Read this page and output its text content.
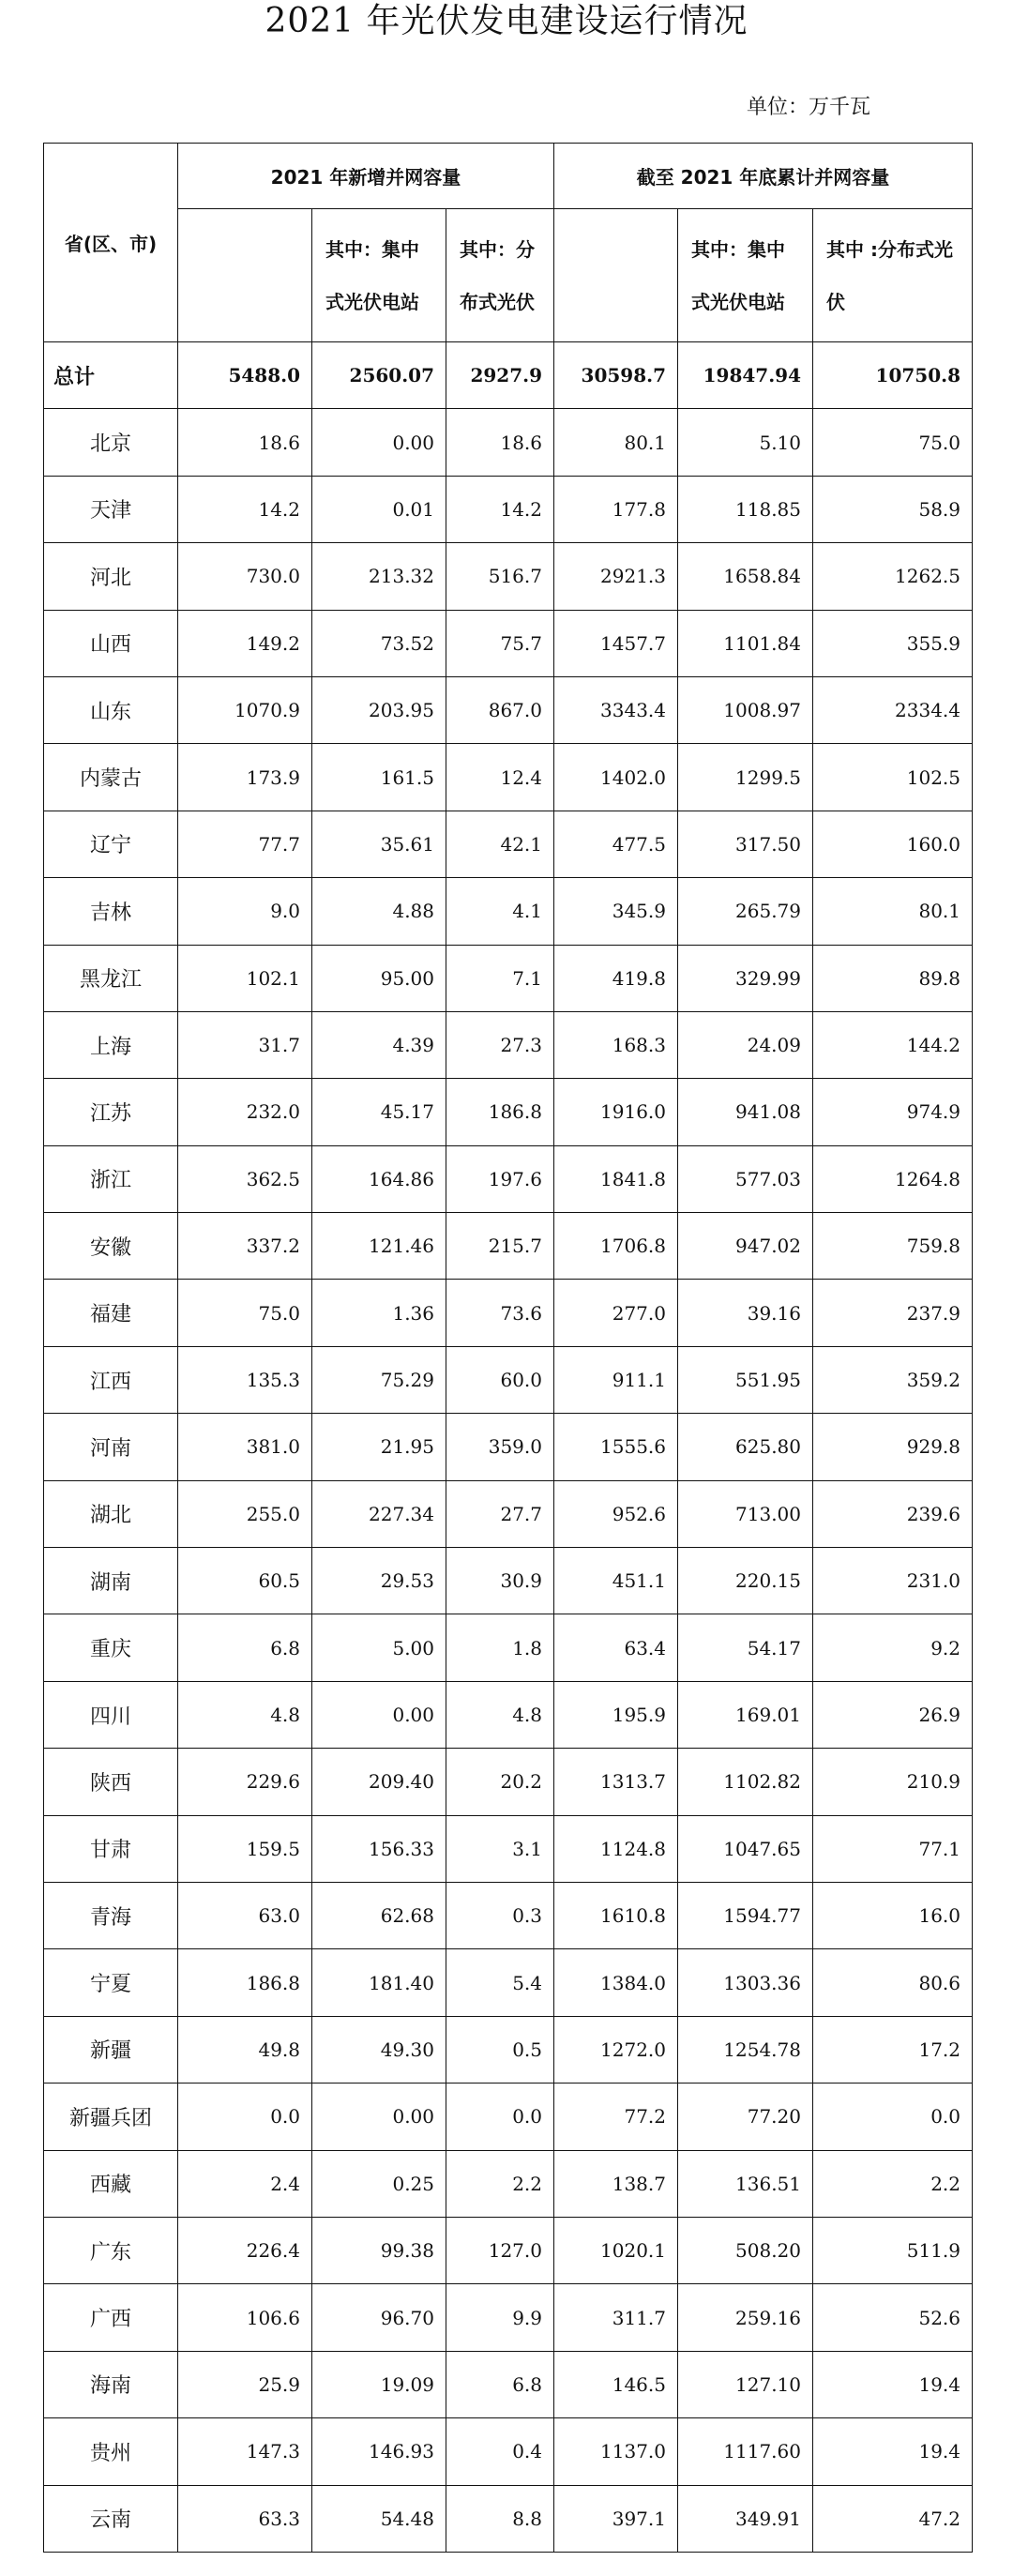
2021 年光伏发电建设运行情况
单位：万千瓦
省(区、市)	2021 年新增并网容量			截至 2021 年底累计并网容量		
		其中：集中式光伏电站	其中：分布式光伏		其中：集中式光伏电站	其中 :分布式光伏
总计	5488.0	2560.07	2927.9	30598.7	19847.94	10750.8
北京	18.6	0.00	18.6	80.1	5.10	75.0
天津	14.2	0.01	14.2	177.8	118.85	58.9
河北	730.0	213.32	516.7	2921.3	1658.84	1262.5
山西	149.2	73.52	75.7	1457.7	1101.84	355.9
山东	1070.9	203.95	867.0	3343.4	1008.97	2334.4
内蒙古	173.9	161.5	12.4	1402.0	1299.5	102.5
辽宁	77.7	35.61	42.1	477.5	317.50	160.0
吉林	9.0	4.88	4.1	345.9	265.79	80.1
黑龙江	102.1	95.00	7.1	419.8	329.99	89.8
上海	31.7	4.39	27.3	168.3	24.09	144.2
江苏	232.0	45.17	186.8	1916.0	941.08	974.9
浙江	362.5	164.86	197.6	1841.8	577.03	1264.8
安徽	337.2	121.46	215.7	1706.8	947.02	759.8
福建	75.0	1.36	73.6	277.0	39.16	237.9
江西	135.3	75.29	60.0	911.1	551.95	359.2
河南	381.0	21.95	359.0	1555.6	625.80	929.8
湖北	255.0	227.34	27.7	952.6	713.00	239.6
湖南	60.5	29.53	30.9	451.1	220.15	231.0
重庆	6.8	5.00	1.8	63.4	54.17	9.2
四川	4.8	0.00	4.8	195.9	169.01	26.9
陕西	229.6	209.40	20.2	1313.7	1102.82	210.9
甘肃	159.5	156.33	3.1	1124.8	1047.65	77.1
青海	63.0	62.68	0.3	1610.8	1594.77	16.0
宁夏	186.8	181.40	5.4	1384.0	1303.36	80.6
新疆	49.8	49.30	0.5	1272.0	1254.78	17.2
新疆兵团	0.0	0.00	0.0	77.2	77.20	0.0
西藏	2.4	0.25	2.2	138.7	136.51	2.2
广东	226.4	99.38	127.0	1020.1	508.20	511.9
广西	106.6	96.70	9.9	311.7	259.16	52.6
海南	25.9	19.09	6.8	146.5	127.10	19.4
贵州	147.3	146.93	0.4	1137.0	1117.60	19.4
云南	63.3	54.48	8.8	397.1	349.91	47.2
